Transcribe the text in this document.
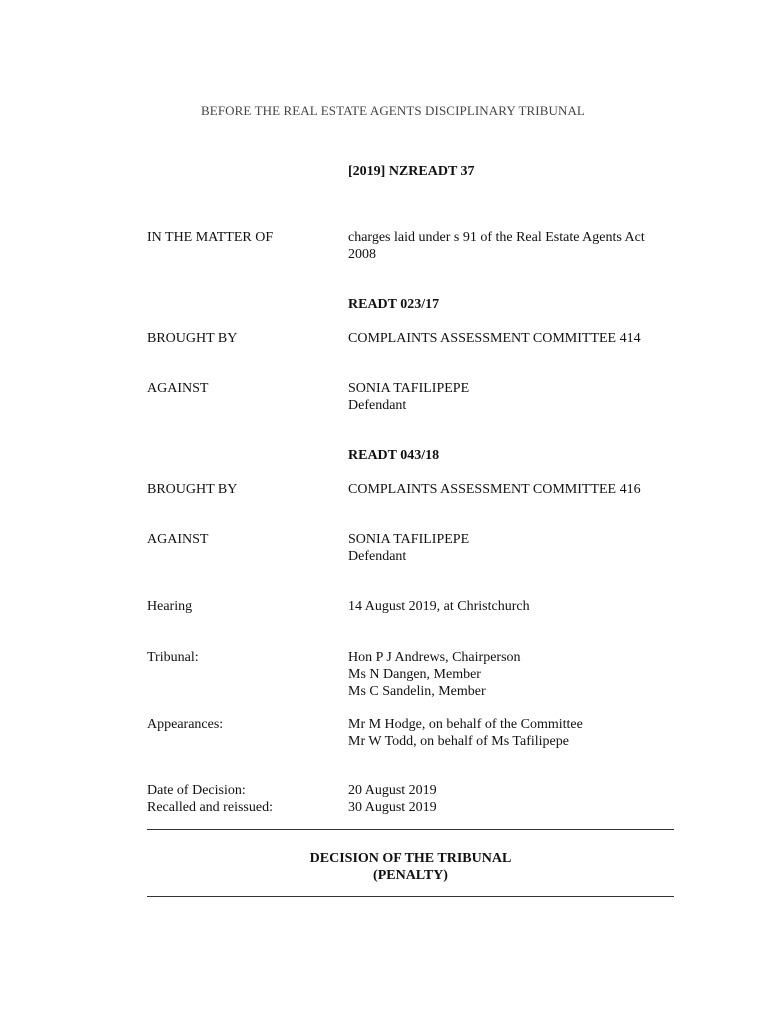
BEFORE THE REAL ESTATE AGENTS DISCIPLINARY TRIBUNAL
[2019] NZREADT 37
IN THE MATTER OF	charges laid under s 91 of the Real Estate Agents Act
2008
READT 023/17
BROUGHT BY	COMPLAINTS ASSESSMENT COMMITTEE 414
AGAINST	SONIA TAFILIPEPE
Defendant
READT 043/18
BROUGHT BY	COMPLAINTS ASSESSMENT COMMITTEE 416
AGAINST	SONIA TAFILIPEPE
Defendant
Hearing	14 August 2019, at Christchurch
Tribunal:	Hon P J Andrews, Chairperson
Ms N Dangen, Member
Ms C Sandelin, Member
Appearances:	Mr M Hodge, on behalf of the Committee
Mr W Todd, on behalf of Ms Tafilipepe
Date of Decision:	20 August 2019
Recalled and reissued:	30 August 2019
DECISION OF THE TRIBUNAL
(PENALTY)
